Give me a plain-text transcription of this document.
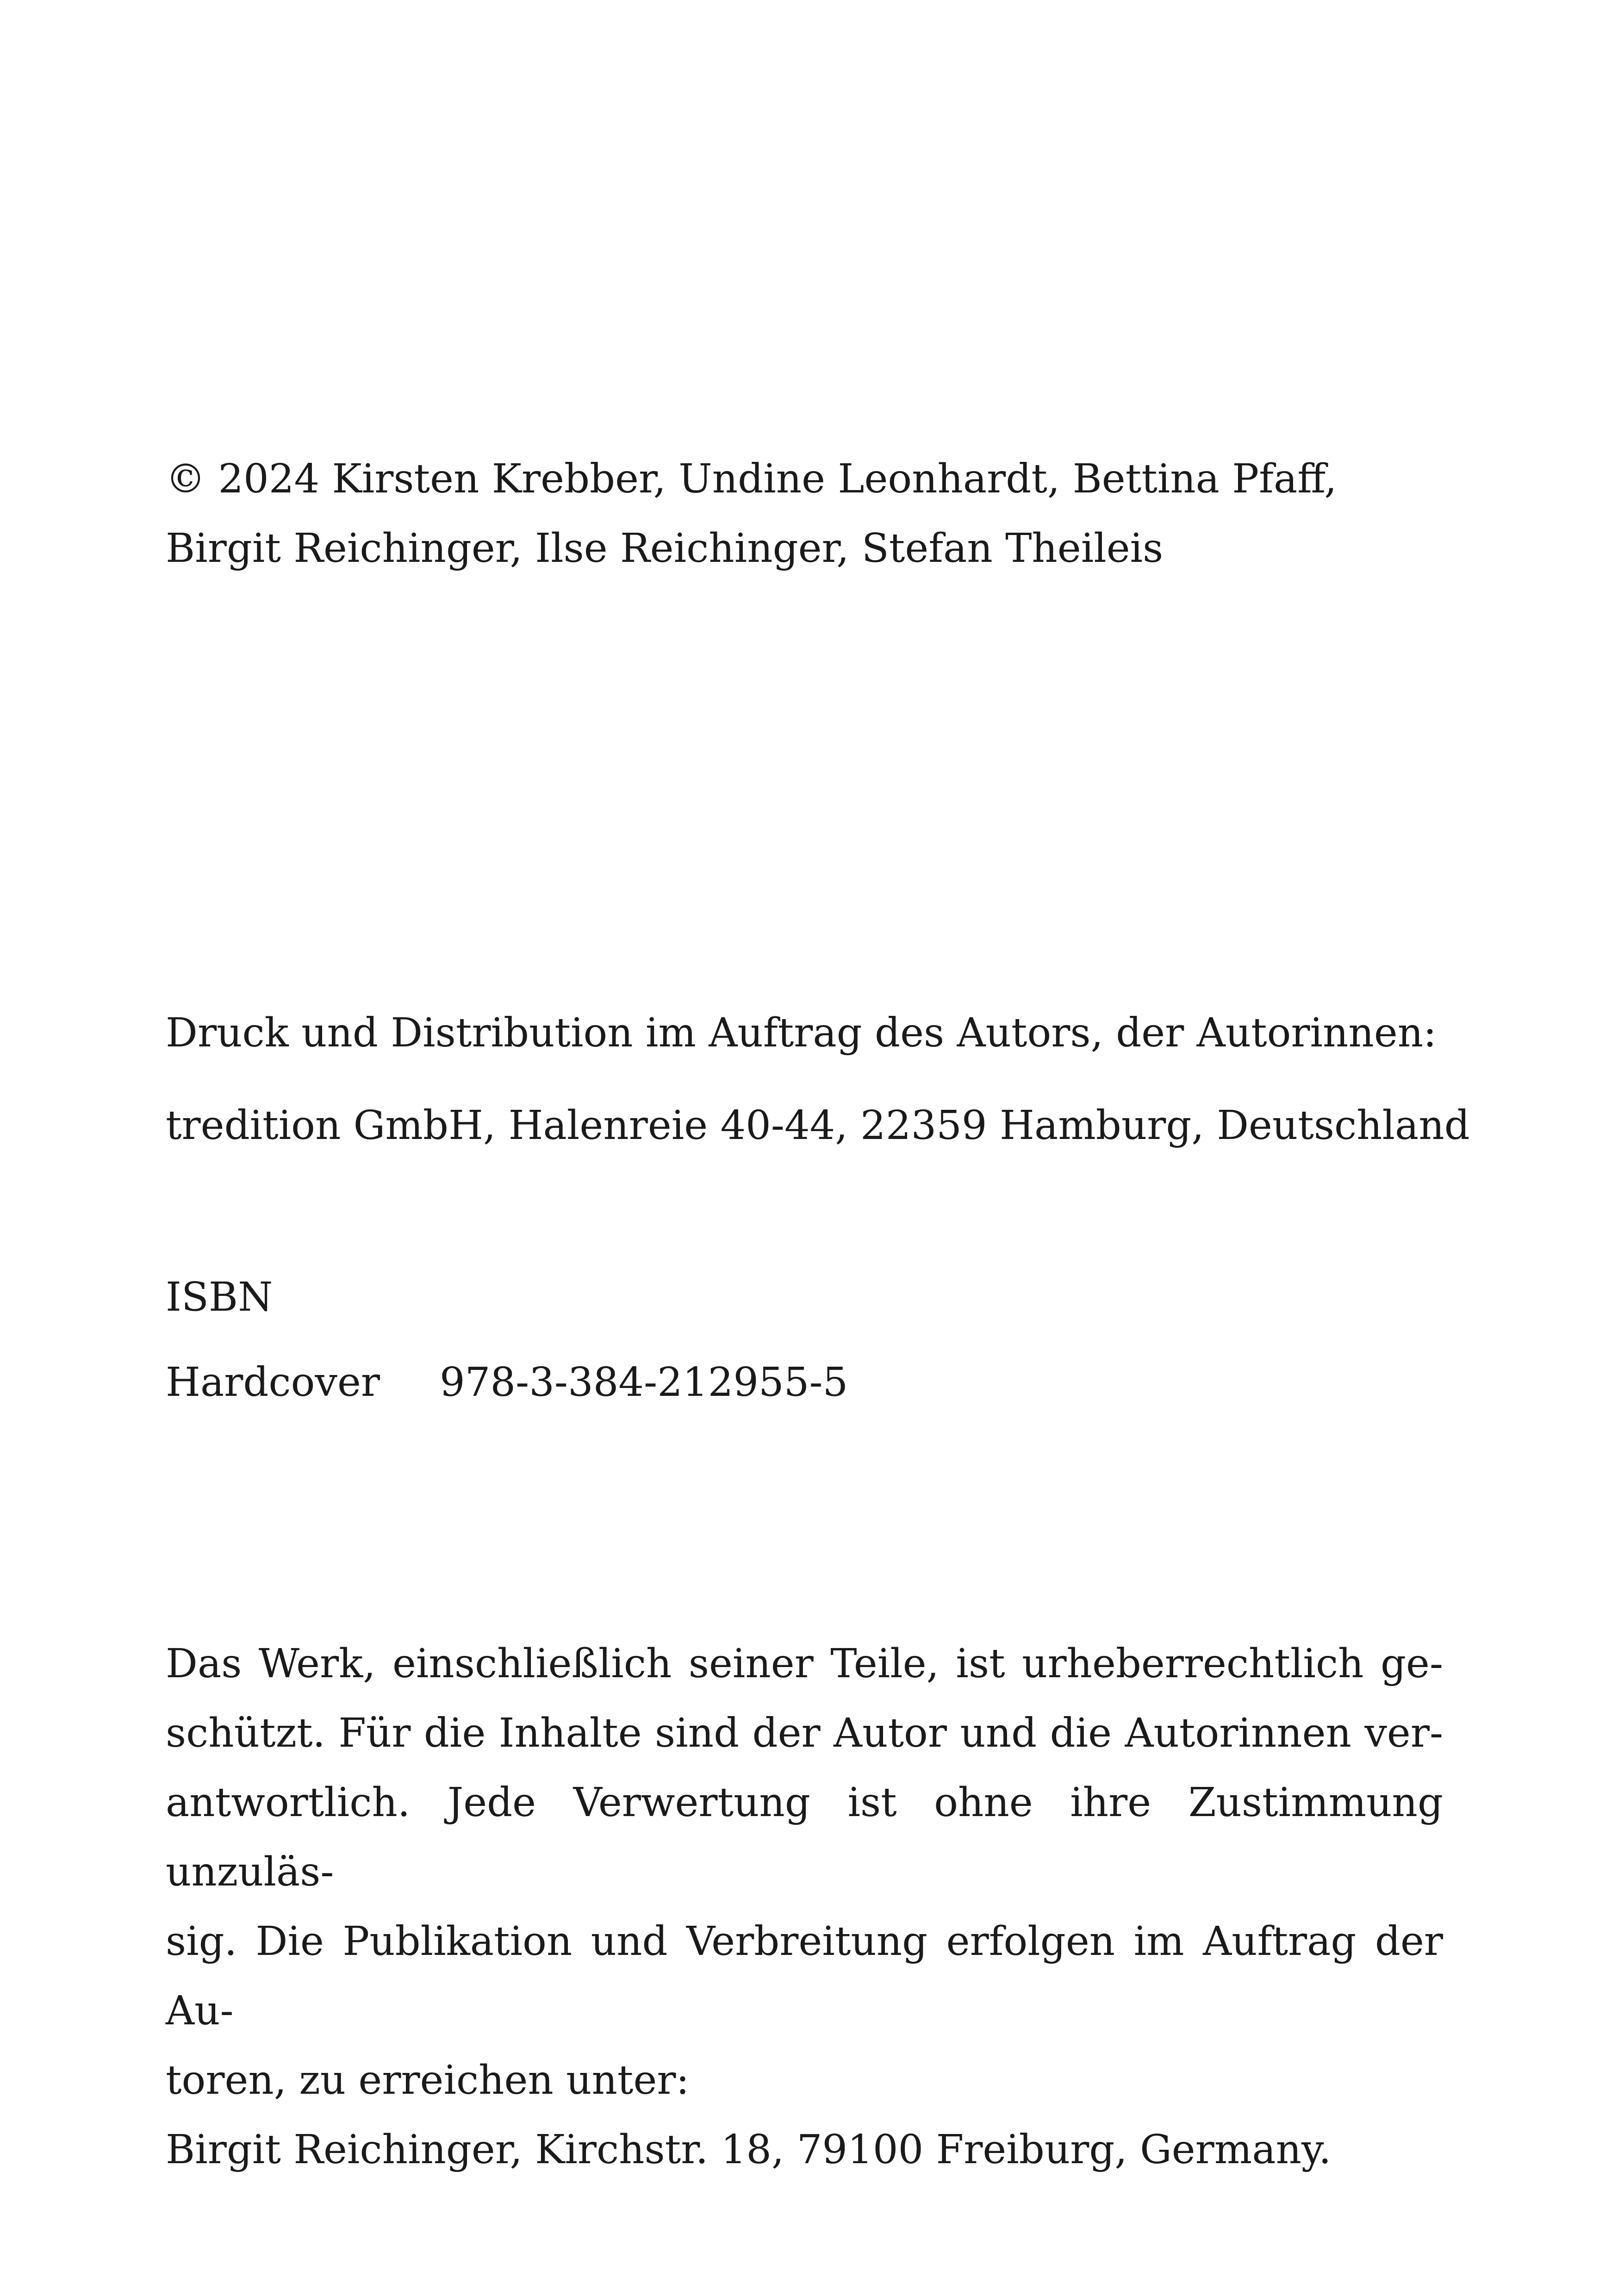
© 2024 Kirsten Krebber, Undine Leonhardt, Bettina Pfaff,

Birgit Reichinger, Ilse Reichinger, Stefan Theileis

Druck und Distribution im Auftrag des Autors, der Autorinnen:

tredition GmbH, Halenreie 40-44, 22359 Hamburg, Deutschland

ISBN

Hardcover 978-3-384-212955-5

Das Werk, einschließlich seiner Teile, ist urheberrechtlich ge-

schützt. Für die Inhalte sind der Autor und die Autorinnen ver-

antwortlich. Jede Verwertung ist ohne ihre Zustimmung unzuläs-

sig. Die Publikation und Verbreitung erfolgen im Auftrag der Au-

toren, zu erreichen unter:

Birgit Reichinger, Kirchstr. 18, 79100 Freiburg, Germany.
